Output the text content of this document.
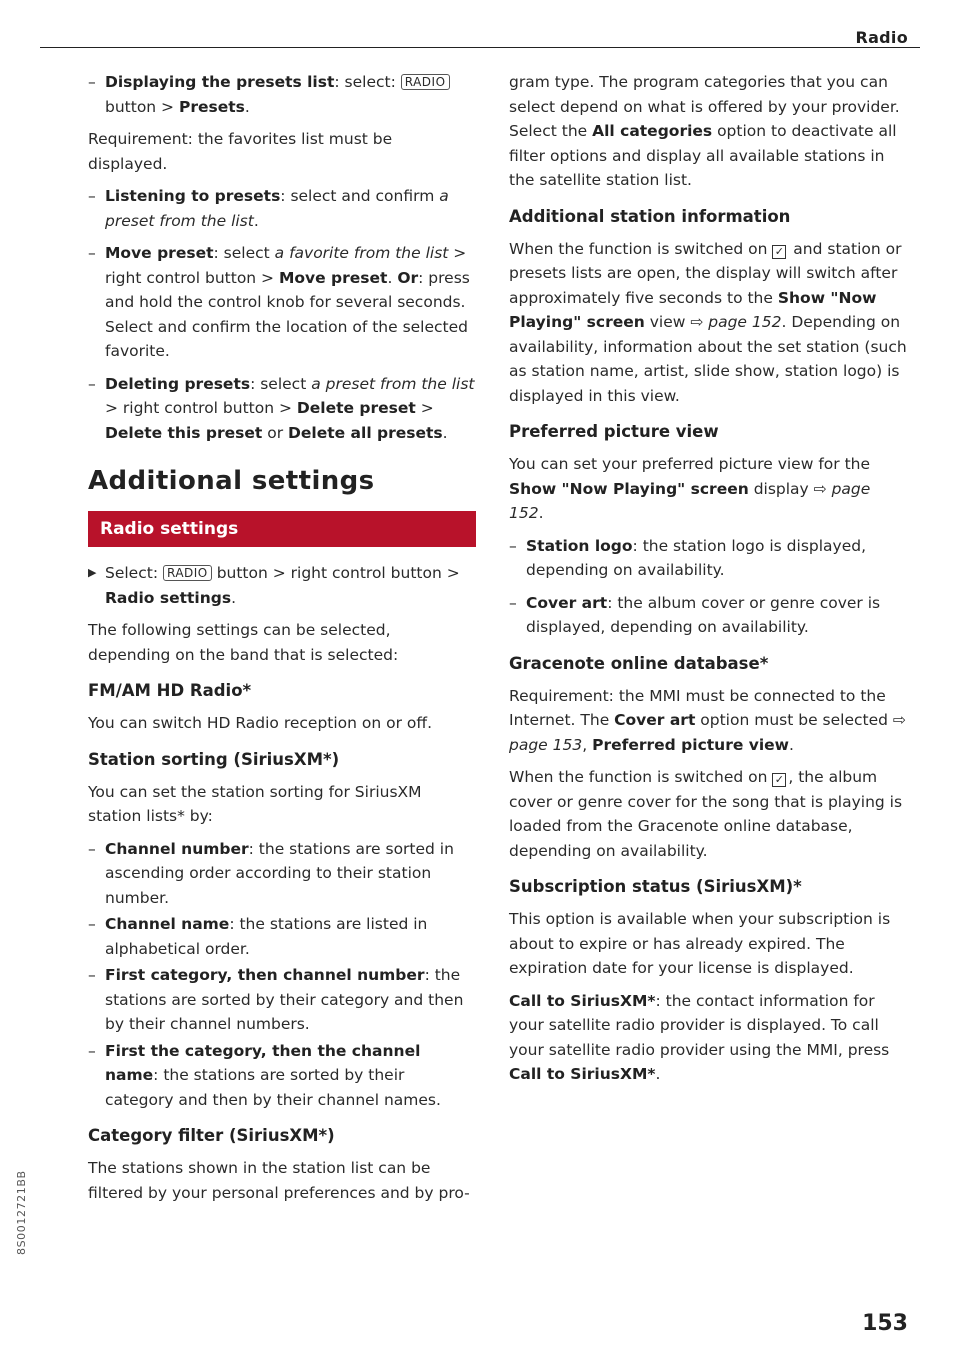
Radio
– Displaying the presets list: select: RADIO button > Presets.

Requirement: the favorites list must be displayed.

– Listening to presets: select and confirm a preset from the list.
– Move preset: select a favorite from the list > right control button > Move preset. Or: press and hold the control knob for several seconds. Select and confirm the location of the selected favorite.
– Deleting presets: select a preset from the list > right control button > Delete preset > Delete this preset or Delete all presets.
Additional settings
Radio settings
▶ Select: RADIO button > right control button > Radio settings.

The following settings can be selected, depending on the band that is selected:

FM/AM HD Radio*

You can switch HD Radio reception on or off.

Station sorting (SiriusXM*)

You can set the station sorting for SiriusXM station lists* by:

– Channel number: the stations are sorted in ascending order according to their station number.
– Channel name: the stations are listed in alphabetical order.
– First category, then channel number: the stations are sorted by their category and then by their channel numbers.
– First the category, then the channel name: the stations are sorted by their category and then by their channel names.
Category filter (SiriusXM*)

The stations shown in the station list can be filtered by your personal preferences and by pro-

gram type. The program categories that you can select depend on what is offered by your provider. Select the All categories option to deactivate all filter options and display all available stations in the satellite station list.

Additional station information

When the function is switched on ✓ and station or presets lists are open, the display will switch after approximately five seconds to the Show "Now Playing" screen view ⇨ page 152. Depending on availability, information about the set station (such as station name, artist, slide show, station logo) is displayed in this view.

Preferred picture view

You can set your preferred picture view for the Show "Now Playing" screen display ⇨ page 152.

– Station logo: the station logo is displayed, depending on availability.
– Cover art: the album cover or genre cover is displayed, depending on availability.
Gracenote online database*

Requirement: the MMI must be connected to the Internet. The Cover art option must be selected ⇨ page 153, Preferred picture view.

When the function is switched on ✓ , the album cover or genre cover for the song that is playing is loaded from the Gracenote online database, depending on availability.

Subscription status (SiriusXM)*

This option is available when your subscription is about to expire or has already expired. The expiration date for your license is displayed.

Call to SiriusXM*: the contact information for your satellite radio provider is displayed. To call your satellite radio provider using the MMI, press Call to SiriusXM*.

8S0012721BB
153
